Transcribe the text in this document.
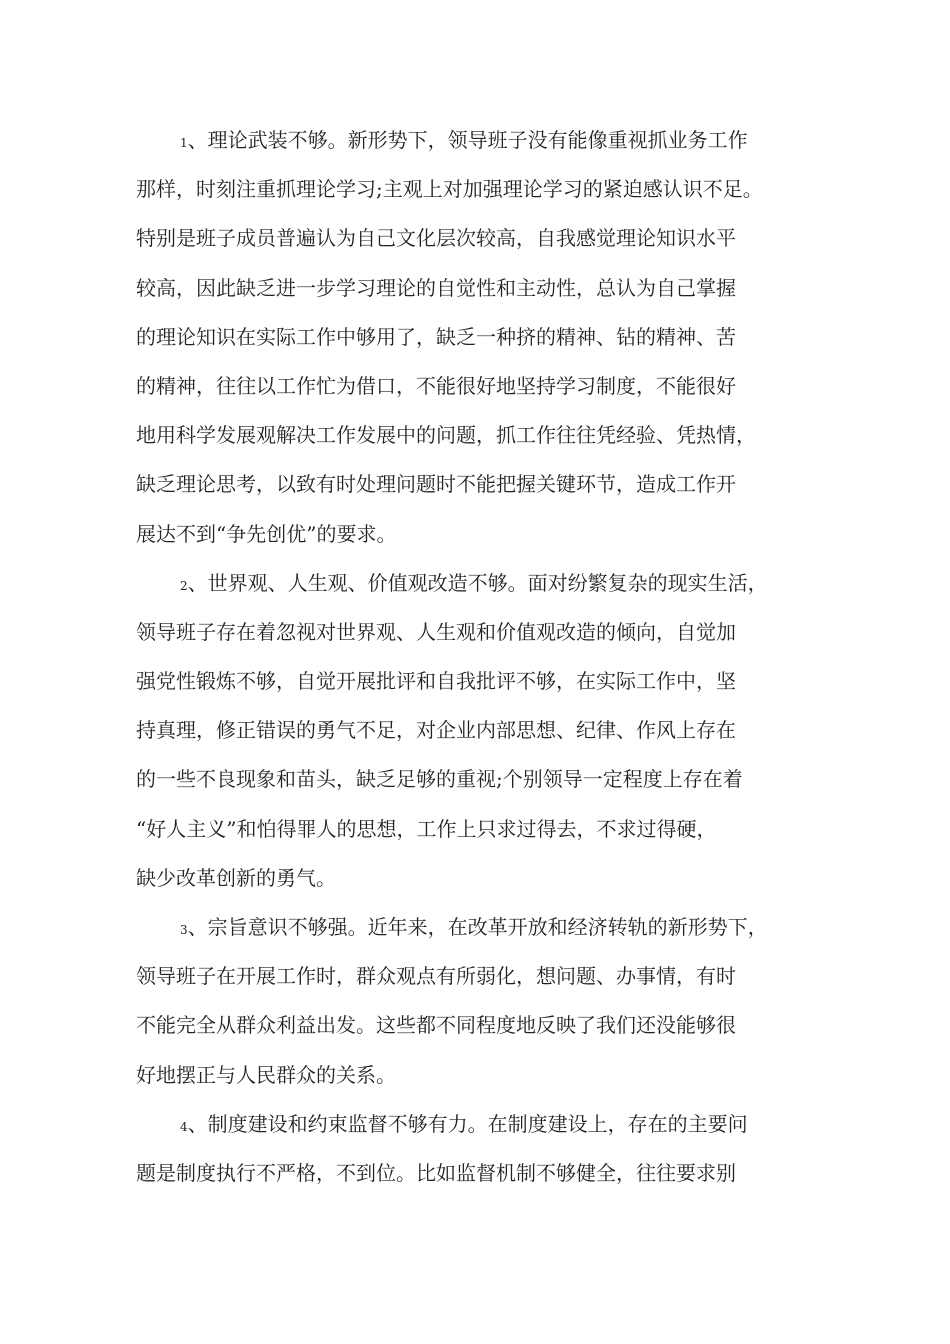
1、理论武装不够。新形势下，领导班子没有能像重视抓业务工作
那样，时刻注重抓理论学习;主观上对加强理论学习的紧迫感认识不足。
特别是班子成员普遍认为自己文化层次较高，自我感觉理论知识水平
较高，因此缺乏进一步学习理论的自觉性和主动性，总认为自己掌握
的理论知识在实际工作中够用了，缺乏一种挤的精神、钻的精神、苦
的精神，往往以工作忙为借口，不能很好地坚持学习制度，不能很好
地用科学发展观解决工作发展中的问题，抓工作往往凭经验、凭热情，
缺乏理论思考，以致有时处理问题时不能把握关键环节，造成工作开
展达不到“争先创优”的要求。
2、世界观、人生观、价值观改造不够。面对纷繁复杂的现实生活，
领导班子存在着忽视对世界观、人生观和价值观改造的倾向，自觉加
强党性锻炼不够，自觉开展批评和自我批评不够，在实际工作中，坚
持真理，修正错误的勇气不足，对企业内部思想、纪律、作风上存在
的一些不良现象和苗头，缺乏足够的重视;个别领导一定程度上存在着
“好人主义”和怕得罪人的思想，工作上只求过得去，不求过得硬，
缺少改革创新的勇气。
3、宗旨意识不够强。近年来，在改革开放和经济转轨的新形势下，
领导班子在开展工作时，群众观点有所弱化，想问题、办事情，有时
不能完全从群众利益出发。这些都不同程度地反映了我们还没能够很
好地摆正与人民群众的关系。
4、制度建设和约束监督不够有力。在制度建设上，存在的主要问
题是制度执行不严格，不到位。比如监督机制不够健全，往往要求别
